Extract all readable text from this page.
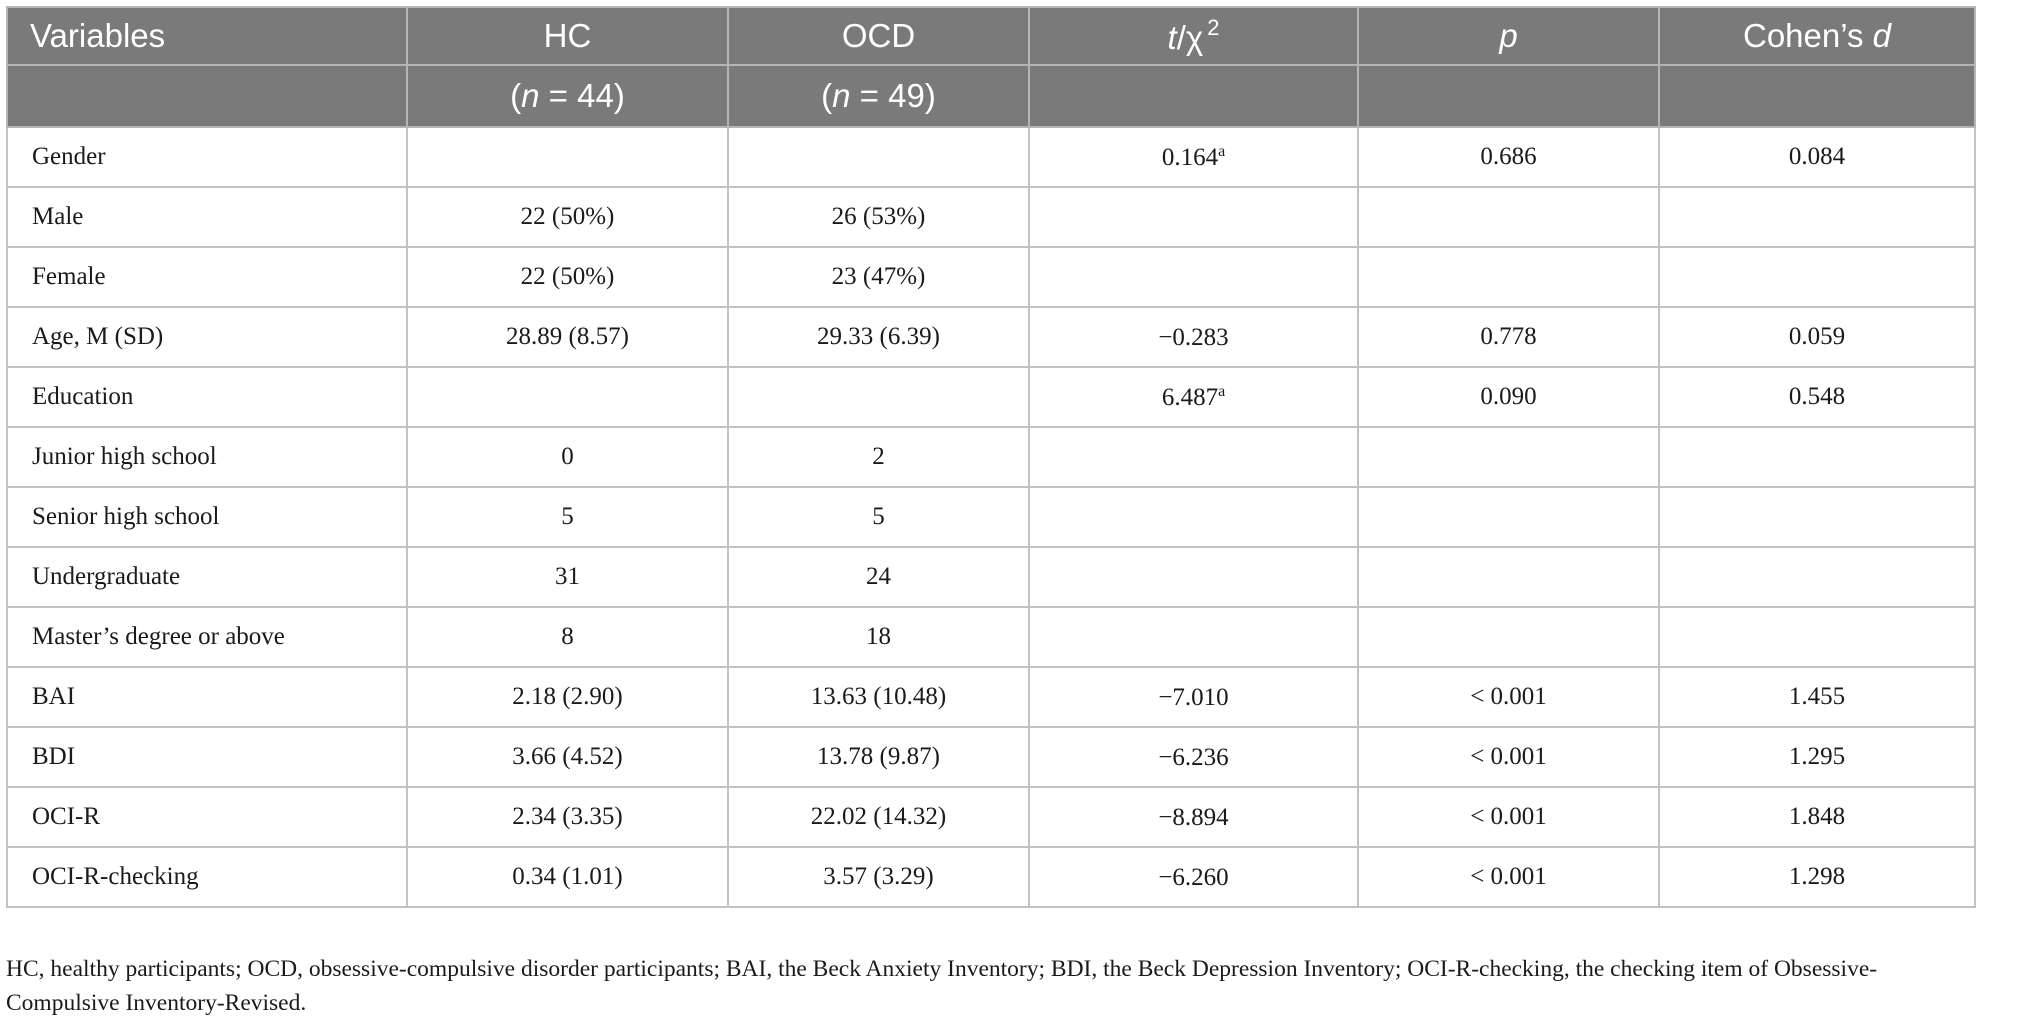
Variables	HC	OCD	t/χ $^2$	p	Cohen’s d
	(n = 44)	(n = 49)			
Gender			0.164$^a$	0.686	0.084
Male	22 (50%)	26 (53%)			
Female	22 (50%)	23 (47%)			
Age, M (SD)	28.89 (8.57)	29.33 (6.39)	−0.283	0.778	0.059
Education			6.487$^a$	0.090	0.548
Junior high school	0	2			
Senior high school	5	5			
Undergraduate	31	24			
Master’s degree or above	8	18			
BAI	2.18 (2.90)	13.63 (10.48)	−7.010	< 0.001	1.455
BDI	3.66 (4.52)	13.78 (9.87)	−6.236	< 0.001	1.295
OCI-R	2.34 (3.35)	22.02 (14.32)	−8.894	< 0.001	1.848
OCI-R-checking	0.34 (1.01)	3.57 (3.29)	−6.260	< 0.001	1.298
HC, healthy participants; OCD, obsessive-compulsive disorder participants; BAI, the Beck Anxiety Inventory; BDI, the Beck Depression Inventory; OCI-R-checking, the checking item of Obsessive-Compulsive Inventory-Revised.
